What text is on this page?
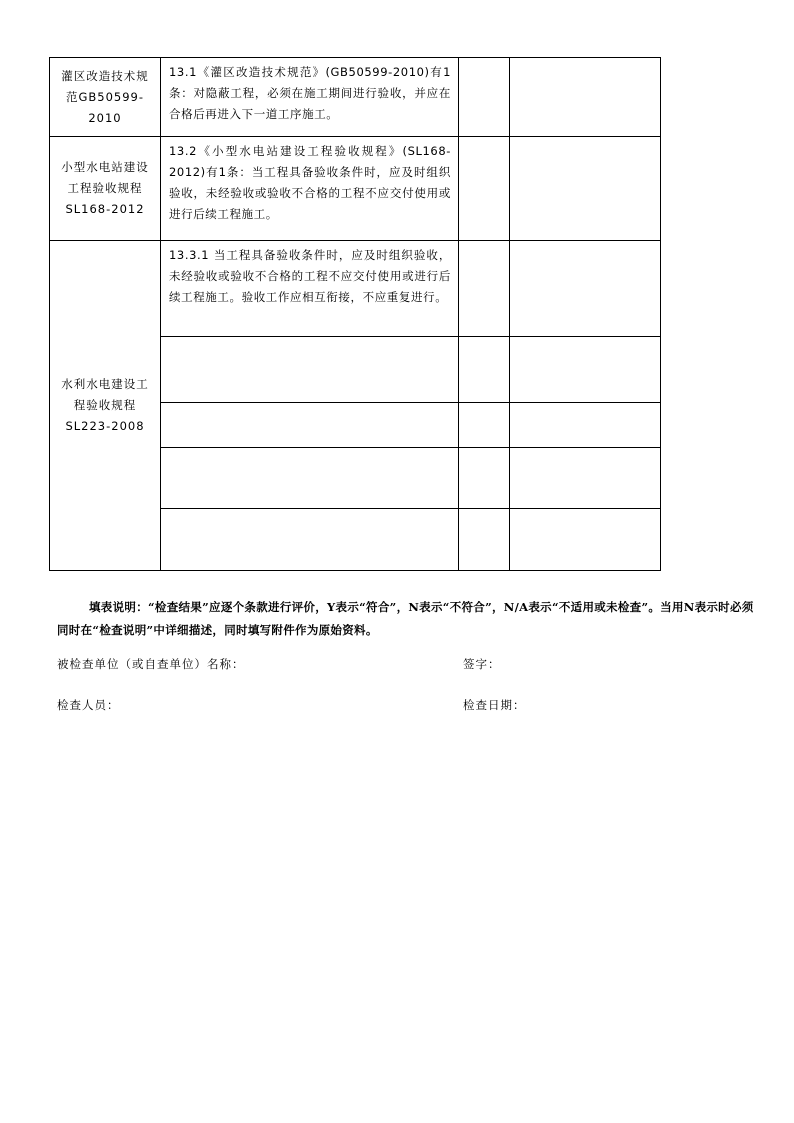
灌区改造技术规范GB50599-2010	13.1《灌区改造技术规范》(GB50599-2010)有1条：对隐蔽工程，必须在施工期间进行验收，并应在合格后再进入下一道工序施工。		
小型水电站建设工程验收规程 SL168-2012	13.2《小型水电站建设工程验收规程》(SL168-2012)有1条：当工程具备验收条件时，应及时组织验收，未经验收或验收不合格的工程不应交付使用或进行后续工程施工。		
水利水电建设工程验收规程 SL223-2008	13.3.1 当工程具备验收条件时，应及时组织验收，未经验收或验收不合格的工程不应交付使用或进行后续工程施工。验收工作应相互衔接，不应重复进行。		

填表说明：“检查结果”应逐个条款进行评价，Y表示“符合”，N表示“不符合”，N/A表示“不适用或未检查”。当用N表示时必须同时在“检查说明”中详细描述，同时填写附件作为原始资料。
被检查单位（或自查单位）名称：	签字：
检查人员：	检查日期：
